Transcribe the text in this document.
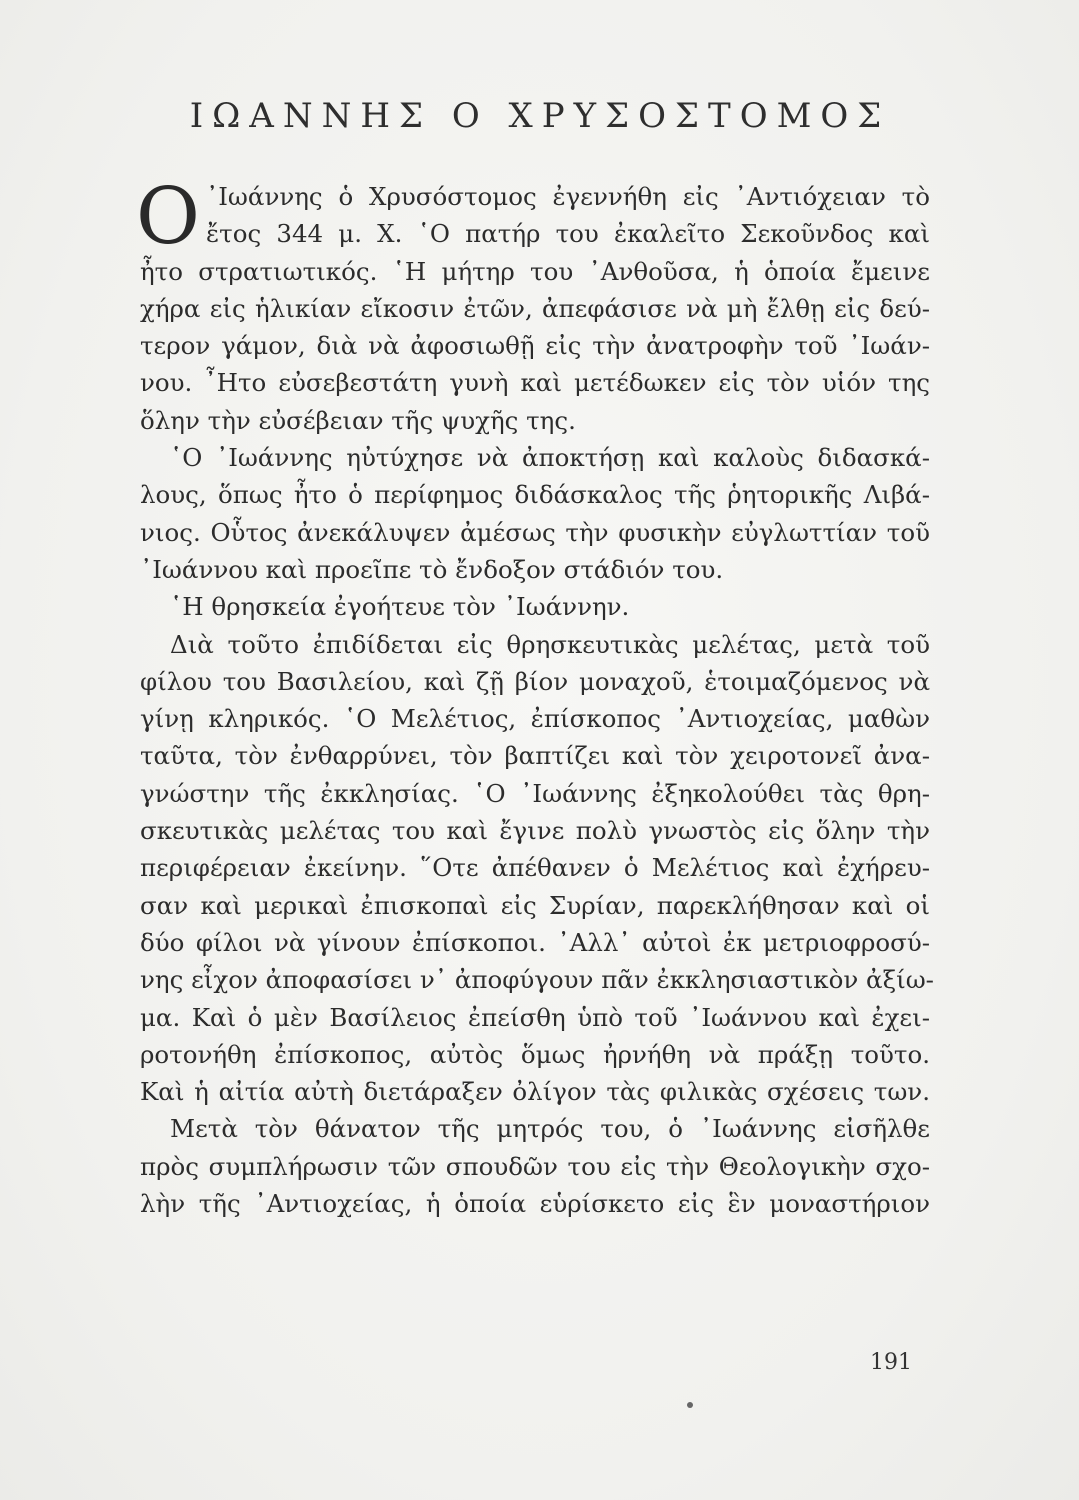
ΙΩΑΝΝΗΣ Ο ΧΡΥΣΟΣΤΟΜΟΣ
Ο ᾿Ιωάννης ὁ Χρυσόστομος ἐγεννήθη εἰς ᾿Αντιόχειαν τὸ
ἔτος 344 μ. Χ. ῾Ο πατήρ του ἐκαλεῖτο Σεκοῦνδος καὶ
ἦτο στρατιωτικός. ῾Η μήτηρ του ᾿Ανθοῦσα, ἡ ὁποία ἔμεινε
χήρα εἰς ἡλικίαν εἴκοσιν ἐτῶν, ἀπεφάσισε νὰ μὴ ἔλθῃ εἰς δεύ-
τερον γάμον, διὰ νὰ ἀφοσιωθῇ εἰς τὴν ἀνατροφὴν τοῦ ᾿Ιωάν-
νου. ῏Ητο εὐσεβεστάτη γυνὴ καὶ μετέδωκεν εἰς τὸν υἱόν της
ὅλην τὴν εὐσέβειαν τῆς ψυχῆς της.
῾Ο ᾿Ιωάννης ηὐτύχησε νὰ ἀποκτήσῃ καὶ καλοὺς διδασκά-
λους, ὅπως ἦτο ὁ περίφημος διδάσκαλος τῆς ῥητορικῆς Λιβά-
νιος. Οὗτος ἀνεκάλυψεν ἀμέσως τὴν φυσικὴν εὐγλωττίαν τοῦ
᾿Ιωάννου καὶ προεῖπε τὸ ἔνδοξον στάδιόν του.
῾Η θρησκεία ἐγοήτευε τὸν ᾿Ιωάννην.
Διὰ τοῦτο ἐπιδίδεται εἰς θρησκευτικὰς μελέτας, μετὰ τοῦ
φίλου του Βασιλείου, καὶ ζῇ βίον μοναχοῦ, ἑτοιμαζόμενος νὰ
γίνῃ κληρικός. ῾Ο Μελέτιος, ἐπίσκοπος ᾿Αντιοχείας, μαθὼν
ταῦτα, τὸν ἐνθαρρύνει, τὸν βαπτίζει καὶ τὸν χειροτονεῖ ἀνα-
γνώστην τῆς ἐκκλησίας. ῾Ο ᾿Ιωάννης ἐξηκολούθει τὰς θρη-
σκευτικὰς μελέτας του καὶ ἔγινε πολὺ γνωστὸς εἰς ὅλην τὴν
περιφέρειαν ἐκείνην. ῞Οτε ἀπέθανεν ὁ Μελέτιος καὶ ἐχήρευ-
σαν καὶ μερικαὶ ἐπισκοπαὶ εἰς Συρίαν, παρεκλήθησαν καὶ οἱ
δύο φίλοι νὰ γίνουν ἐπίσκοποι. ᾿Αλλ᾿ αὐτοὶ ἐκ μετριοφροσύ-
νης εἶχον ἀποφασίσει ν᾿ ἀποφύγουν πᾶν ἐκκλησιαστικὸν ἀξίω-
μα. Καὶ ὁ μὲν Βασίλειος ἐπείσθη ὑπὸ τοῦ ᾿Ιωάννου καὶ ἐχει-
ροτονήθη ἐπίσκοπος, αὐτὸς ὅμως ἠρνήθη νὰ πράξῃ τοῦτο.
Καὶ ἡ αἰτία αὐτὴ διετάραξεν ὀλίγον τὰς φιλικὰς σχέσεις των.
Μετὰ τὸν θάνατον τῆς μητρός του, ὁ ᾿Ιωάννης εἰσῆλθε
πρὸς συμπλήρωσιν τῶν σπουδῶν του εἰς τὴν Θεολογικὴν σχο-
λὴν τῆς ᾿Αντιοχείας, ἡ ὁποία εὑρίσκετο εἰς ἓν μοναστήριον
191
